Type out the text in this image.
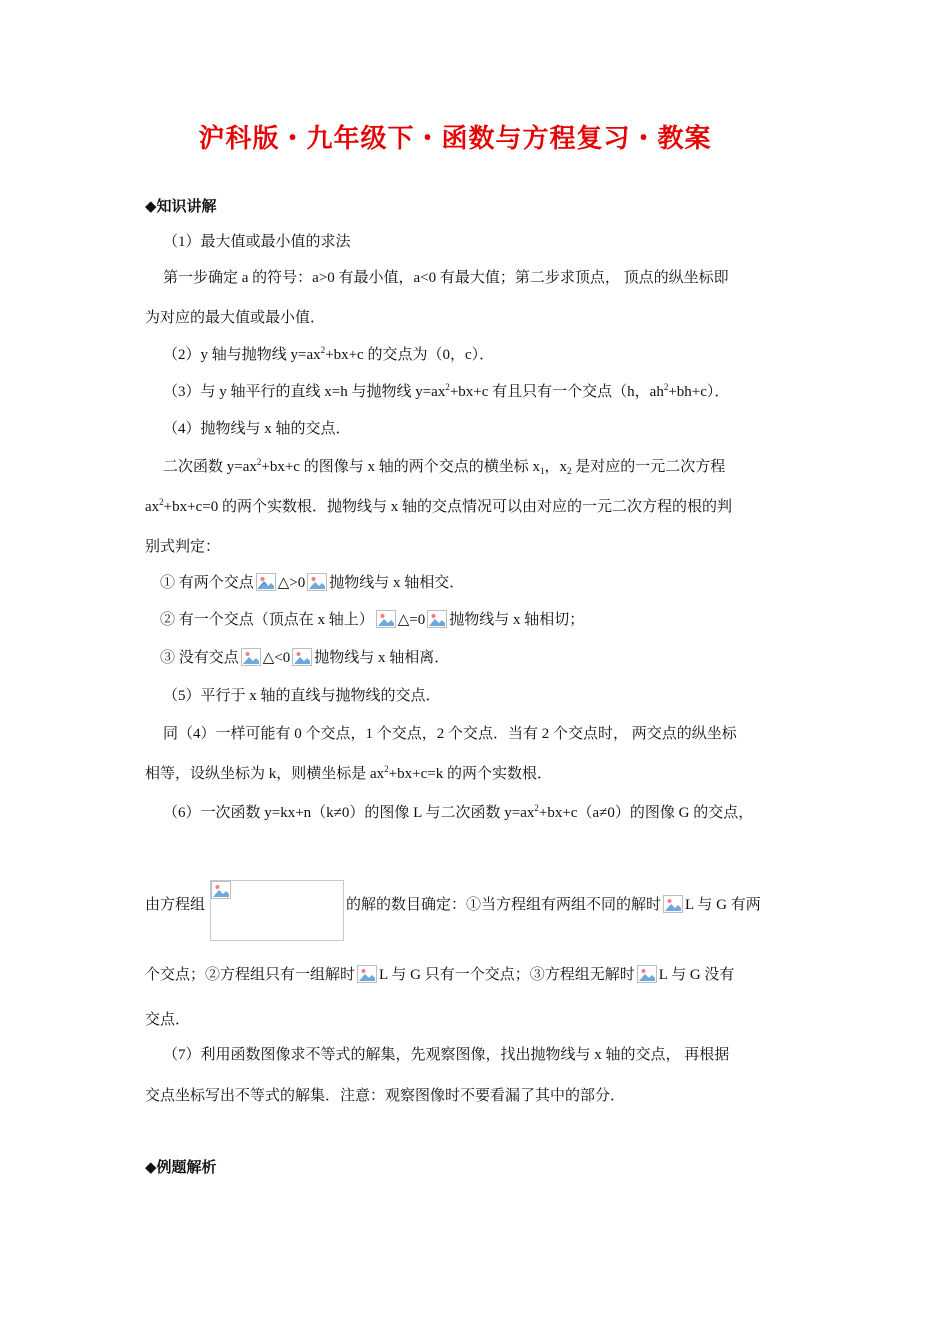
沪科版・九年级下・函数与方程复习・教案
◆知识讲解
（1）最大值或最小值的求法
第一步确定 a 的符号：a>0 有最小值，a<0 有最大值；第二步求顶点， 顶点的纵坐标即
为对应的最大值或最小值．
（2）y 轴与抛物线 $y=ax^2+bx+c$ 的交点为（0，c）．
（3）与 y 轴平行的直线 x=h 与抛物线 $y=ax^2+bx+c$ 有且只有一个交点（h，$ah^2+bh+c$）．
（4）抛物线与 x 轴的交点．
二次函数 $y=ax^2+bx+c$ 的图像与 x 轴的两个交点的横坐标 $x_1$，$x_2$ 是对应的一元二次方程
$ax^2+bx+c=0$ 的两个实数根．抛物线与 x 轴的交点情况可以由对应的一元二次方程的根的判
别式判定：
① 有两个交点 △>0 抛物线与 x 轴相交．
② 有一个交点（顶点在 x 轴上） △=0 抛物线与 x 轴相切；
③ 没有交点 △<0 抛物线与 x 轴相离．
（5）平行于 x 轴的直线与抛物线的交点．
同（4）一样可能有 0 个交点，1 个交点，2 个交点．当有 2 个交点时， 两交点的纵坐标
相等，设纵坐标为 k，则横坐标是 $ax^2+bx+c=k$ 的两个实数根．
（6）一次函数 y=kx+n（k≠0）的图像 L 与二次函数 $y=ax^2+bx+c(a\ne 0)$的图像 G 的交点，
由方程组	的解的数目确定：①当方程组有两组不同的解时 L 与 G 有两
个交点；②方程组只有一组解时 L 与 G 只有一个交点；③方程组无解时 L 与 G 没有
交点．
（7）利用函数图像求不等式的解集，先观察图像，找出抛物线与 x 轴的交点， 再根据
交点坐标写出不等式的解集．注意：观察图像时不要看漏了其中的部分．
◆例题解析
